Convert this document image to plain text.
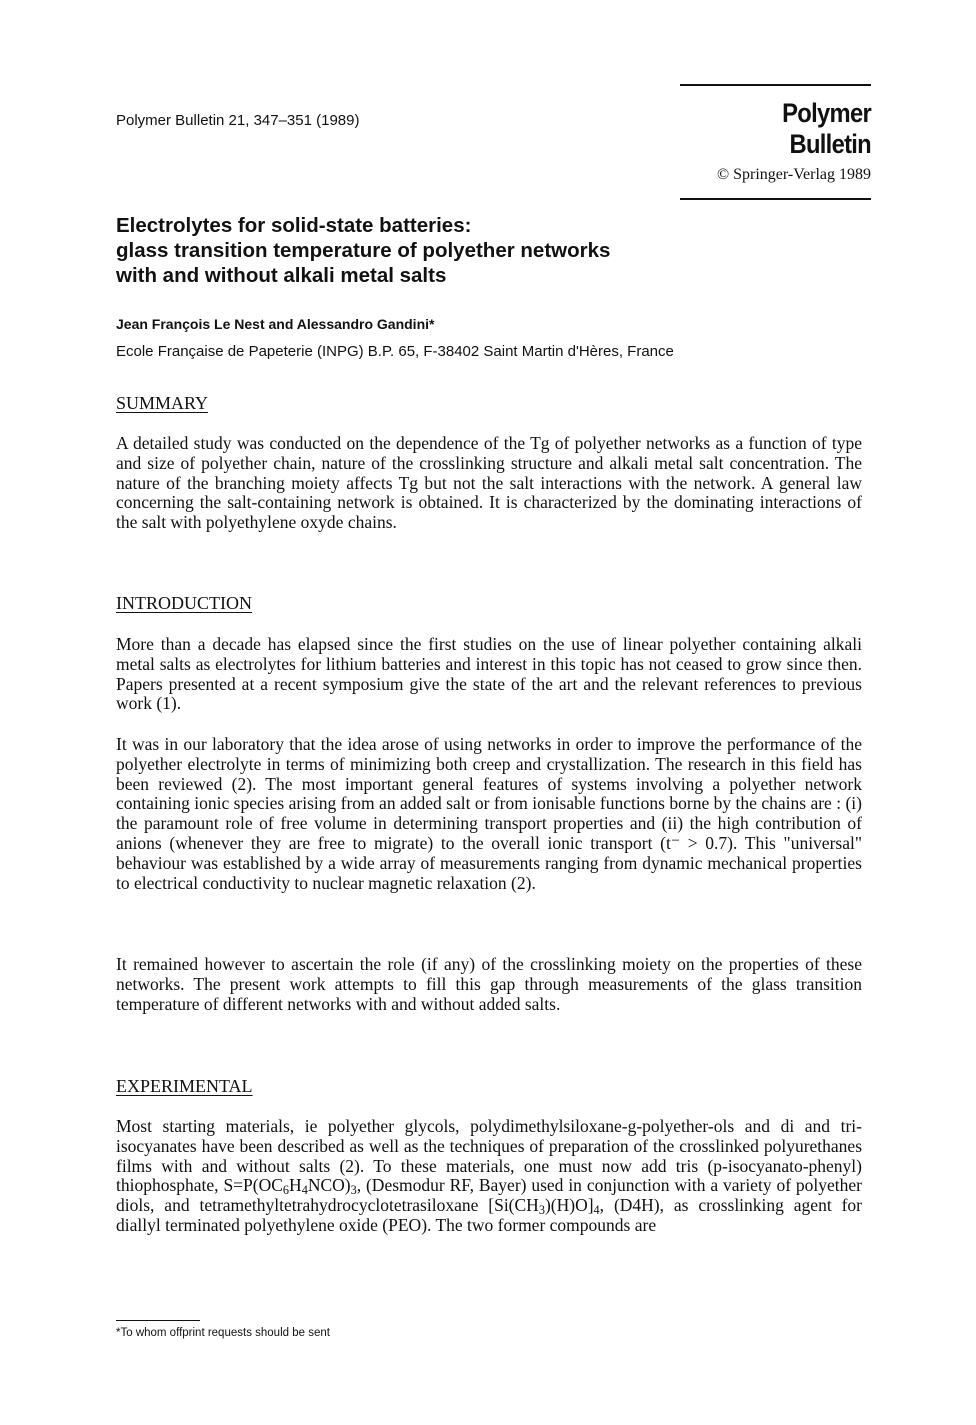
Polymer Bulletin 21, 347–351 (1989)	Polymer Bulletin
© Springer-Verlag 1989
Electrolytes for solid-state batteries:
glass transition temperature of polyether networks
with and without alkali metal salts
Jean François Le Nest and Alessandro Gandini*
Ecole Française de Papeterie (INPG) B.P. 65, F-38402 Saint Martin d'Hères, France
SUMMARY

A detailed study was conducted on the dependence of the Tg of polyether networks as a function of type and size of polyether chain, nature of the crosslinking structure and alkali metal salt concentration. The nature of the branching moiety affects Tg but not the salt interactions with the network. A general law concerning the salt-containing network is obtained. It is characterized by the dominating interactions of the salt with polyethylene oxyde chains.

INTRODUCTION

More than a decade has elapsed since the first studies on the use of linear polyether containing alkali metal salts as electrolytes for lithium batteries and interest in this topic has not ceased to grow since then. Papers presented at a recent symposium give the state of the art and the relevant references to previous work (1).

It was in our laboratory that the idea arose of using networks in order to improve the performance of the polyether electrolyte in terms of minimizing both creep and crystallization. The research in this field has been reviewed (2). The most important general features of systems involving a polyether network containing ionic species arising from an added salt or from ionisable functions borne by the chains are : (i) the paramount role of free volume in determining transport properties and (ii) the high contribution of anions (whenever they are free to migrate) to the overall ionic transport (t⁻ > 0.7). This "universal" behaviour was established by a wide array of measurements ranging from dynamic mechanical properties to electrical conductivity to nuclear magnetic relaxation (2).

It remained however to ascertain the role (if any) of the crosslinking moiety on the properties of these networks. The present work attempts to fill this gap through measurements of the glass transition temperature of different networks with and without added salts.

EXPERIMENTAL

Most starting materials, ie polyether glycols, polydimethylsiloxane-g-polyether-ols and di and tri-isocyanates have been described as well as the techniques of preparation of the crosslinked polyurethanes films with and without salts (2). To these materials, one must now add tris (p-isocyanato-phenyl) thiophosphate, $S=P(OC_6H_4NCO)_3$, (Desmodur RF, Bayer) used in conjunction with a variety of polyether diols, and tetramethyltetrahydrocyclotetrasiloxane $[Si(CH_3)(H)O]_4$, (D4H), as crosslinking agent for diallyl terminated polyethylene oxide (PEO). The two former compounds are

*To whom offprint requests should be sent
